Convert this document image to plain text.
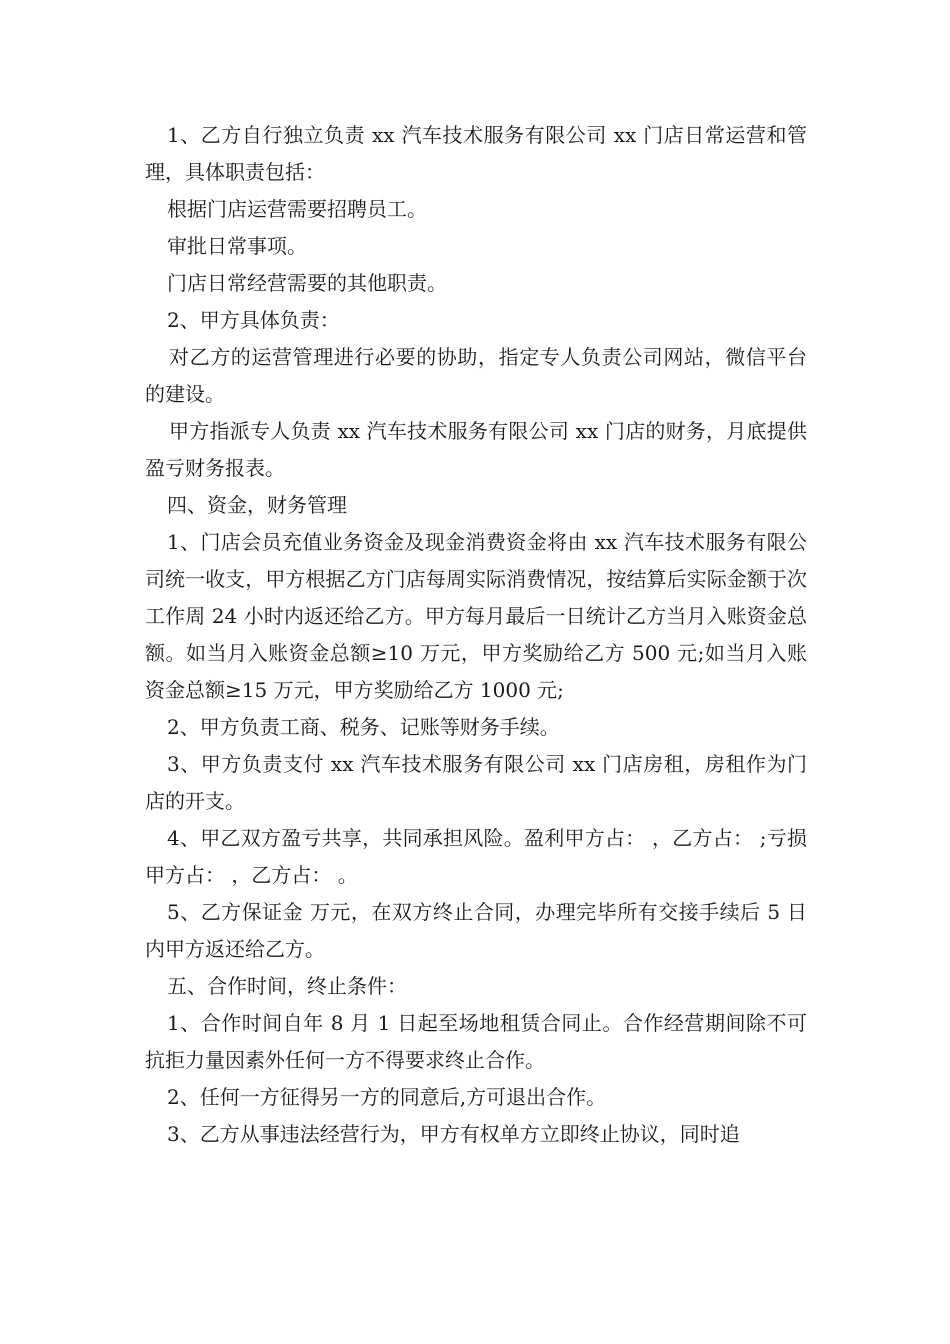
1、乙方自行独立负责 xx 汽车技术服务有限公司 xx 门店日常运营和管理，具体职责包括：

根据门店运营需要招聘员工。

审批日常事项。

门店日常经营需要的其他职责。

2、甲方具体负责：

对乙方的运营管理进行必要的协助，指定专人负责公司网站，微信平台的建设。

甲方指派专人负责 xx 汽车技术服务有限公司 xx 门店的财务，月底提供盈亏财务报表。

四、资金，财务管理

1、门店会员充值业务资金及现金消费资金将由 xx 汽车技术服务有限公司统一收支，甲方根据乙方门店每周实际消费情况，按结算后实际金额于次工作周 24 小时内返还给乙方。甲方每月最后一日统计乙方当月入账资金总额。如当月入账资金总额≥10 万元，甲方奖励给乙方 500 元;如当月入账资金总额≥15 万元，甲方奖励给乙方 1000 元;

2、甲方负责工商、税务、记账等财务手续。

3、甲方负责支付 xx 汽车技术服务有限公司 xx 门店房租，房租作为门店的开支。

4、甲乙双方盈亏共享，共同承担风险。盈利甲方占： ，乙方占： ;亏损甲方占： ，乙方占： 。

5、乙方保证金 万元，在双方终止合同，办理完毕所有交接手续后 5 日内甲方返还给乙方。

五、合作时间，终止条件：

1、合作时间自年 8 月 1 日起至场地租赁合同止。合作经营期间除不可抗拒力量因素外任何一方不得要求终止合作。

2、任何一方征得另一方的同意后,方可退出合作。

3、乙方从事违法经营行为，甲方有权单方立即终止协议，同时追
